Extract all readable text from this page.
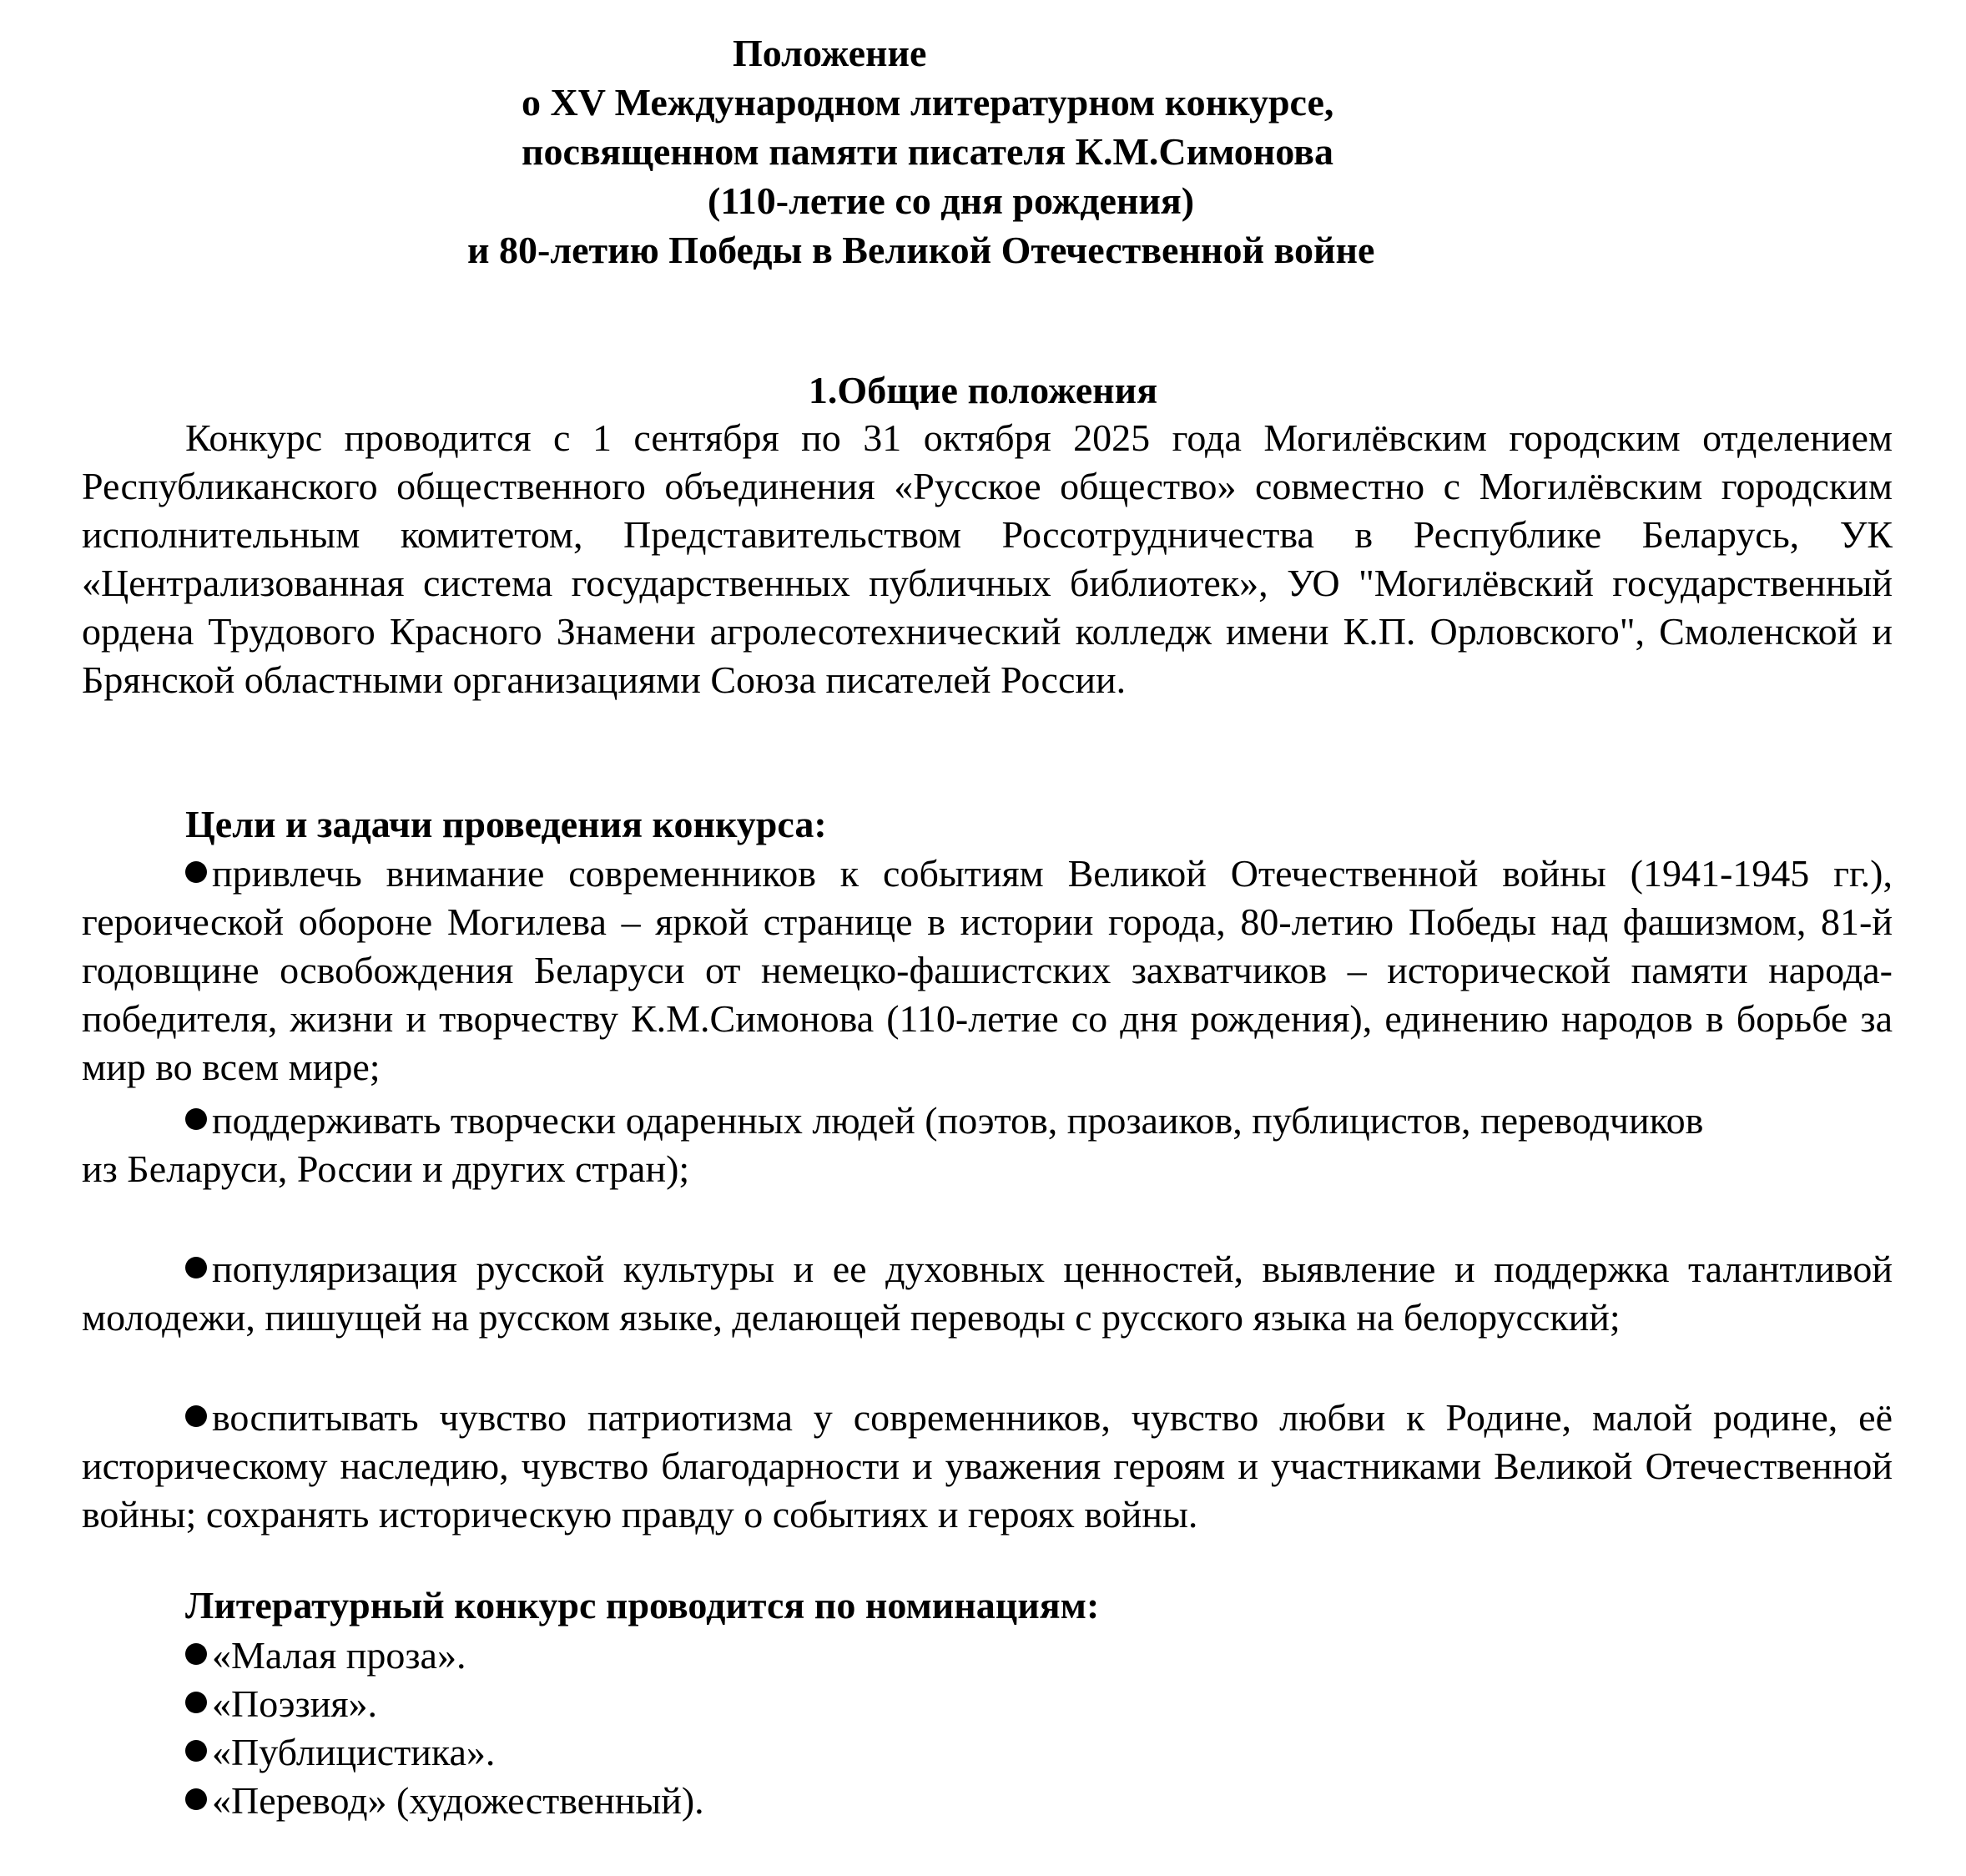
Положение
о XV Международном литературном конкурсе,
посвященном памяти писателя К.М.Симонова
(110-летие со дня рождения)
и 80-летию Победы в Великой Отечественной войне
1.Общие положения
Конкурс проводится с 1 сентября по 31 октября 2025 года Могилёвским городским отделением Республиканского общественного объединения «Русское общество» совместно с Могилёвским городским исполнительным комитетом, Представительством Россотрудничества в Республике Беларусь, УК «Централизованная система государственных публичных библиотек», УО "Могилёвский государственный ордена Трудового Красного Знамени агролесотехнический колледж имени К.П. Орловского", Смоленской и Брянской областными организациями Союза писателей России.
Цели и задачи проведения конкурса:
привлечь внимание современников к событиям Великой Отечественной войны (1941-1945 гг.), героической обороне Могилева – яркой странице в истории города, 80-летию Победы над фашизмом, 81-й годовщине освобождения Беларуси от немецко-фашистских захватчиков – исторической памяти народа-победителя, жизни и творчеству К.М.Симонова (110-летие со дня рождения), единению народов в борьбе за мир во всем мире;
поддерживать творчески одаренных людей (поэтов, прозаиков, публицистов, переводчиков
из Беларуси, России и других стран);
популяризация русской культуры и ее духовных ценностей, выявление и поддержка талантливой молодежи, пишущей на русском языке, делающей переводы с русского языка на белорусский;
воспитывать чувство патриотизма у современников, чувство любви к Родине, малой родине, её историческому наследию, чувство благодарности и уважения героям и участниками Великой Отечественной войны; сохранять историческую правду о событиях и героях войны.
Литературный конкурс проводится по номинациям:
«Малая проза».
«Поэзия».
«Публицистика».
«Перевод» (художественный).
